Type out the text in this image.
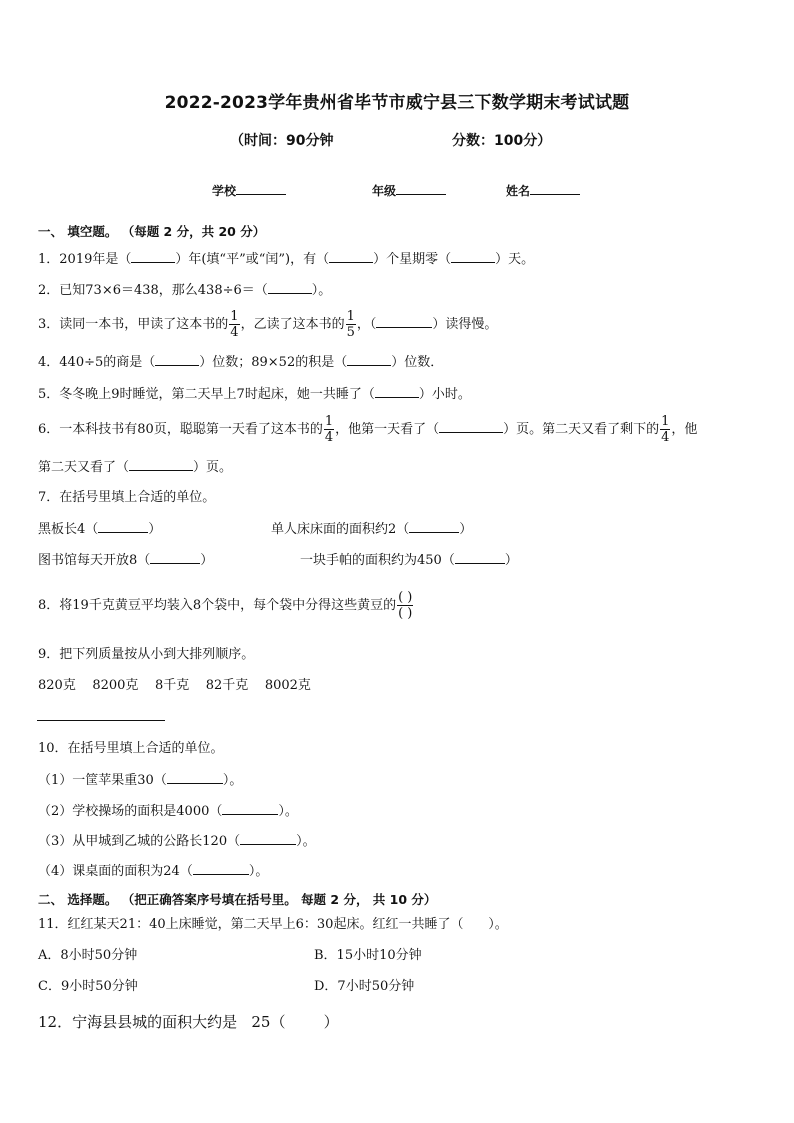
2022-2023学年贵州省毕节市威宁县三下数学期末考试试题
（时间：90分钟	分数：100分）
学校	年级	姓名
一、 填空题。 （每题 2 分，共 20 分）
1．2019年是（	）年(填“平”或“闰”)，有（	）个星期零（	）天。
2．已知73×6＝438，那么438÷6＝（	）。
3．读同一本书，甲读了这本书的 $\frac{1}{4}$ ，乙读了这本书的 $\frac{1}{5}$ ，（	）读得慢。
4．440÷5的商是（	）位数；89×52的积是（	）位数．
5．冬冬晚上9时睡觉，第二天早上7时起床，她一共睡了（	）小时。
6．一本科技书有80页，聪聪第一天看了这本书的 $\frac{1}{4}$ ，他第一天看了（	）页。第二天又看了剩下的 $\frac{1}{4}$ ，他
第二天又看了（	）页。
7．在括号里填上合适的单位。
黑板长4（	）	单人床床面的面积约2（	）
图书馆每天开放8（	）	一块手帕的面积约为450（	）
8．将19千克黄豆平均装入8个袋中，每个袋中分得这些黄豆的 $\frac{( )}{( )}$
9．把下列质量按从小到大排列顺序。
820克    8200克    8千克    82千克    8002克
10．在括号里填上合适的单位。
（1）一筐苹果重30（	）。
（2）学校操场的面积是4000（	）。
（3）从甲城到乙城的公路长120（	）。
（4）课桌面的面积为24（	）。
二、 选择题。 （把正确答案序号填在括号里。 每题 2 分， 共 10 分）
11．红红某天21：40上床睡觉，第二天早上6：30起床。红红一共睡了（      ）。
A．8小时50分钟	B．15小时10分钟
C．9小时50分钟	D．7小时50分钟
12．宁海县县城的面积大约是   25（        ）
